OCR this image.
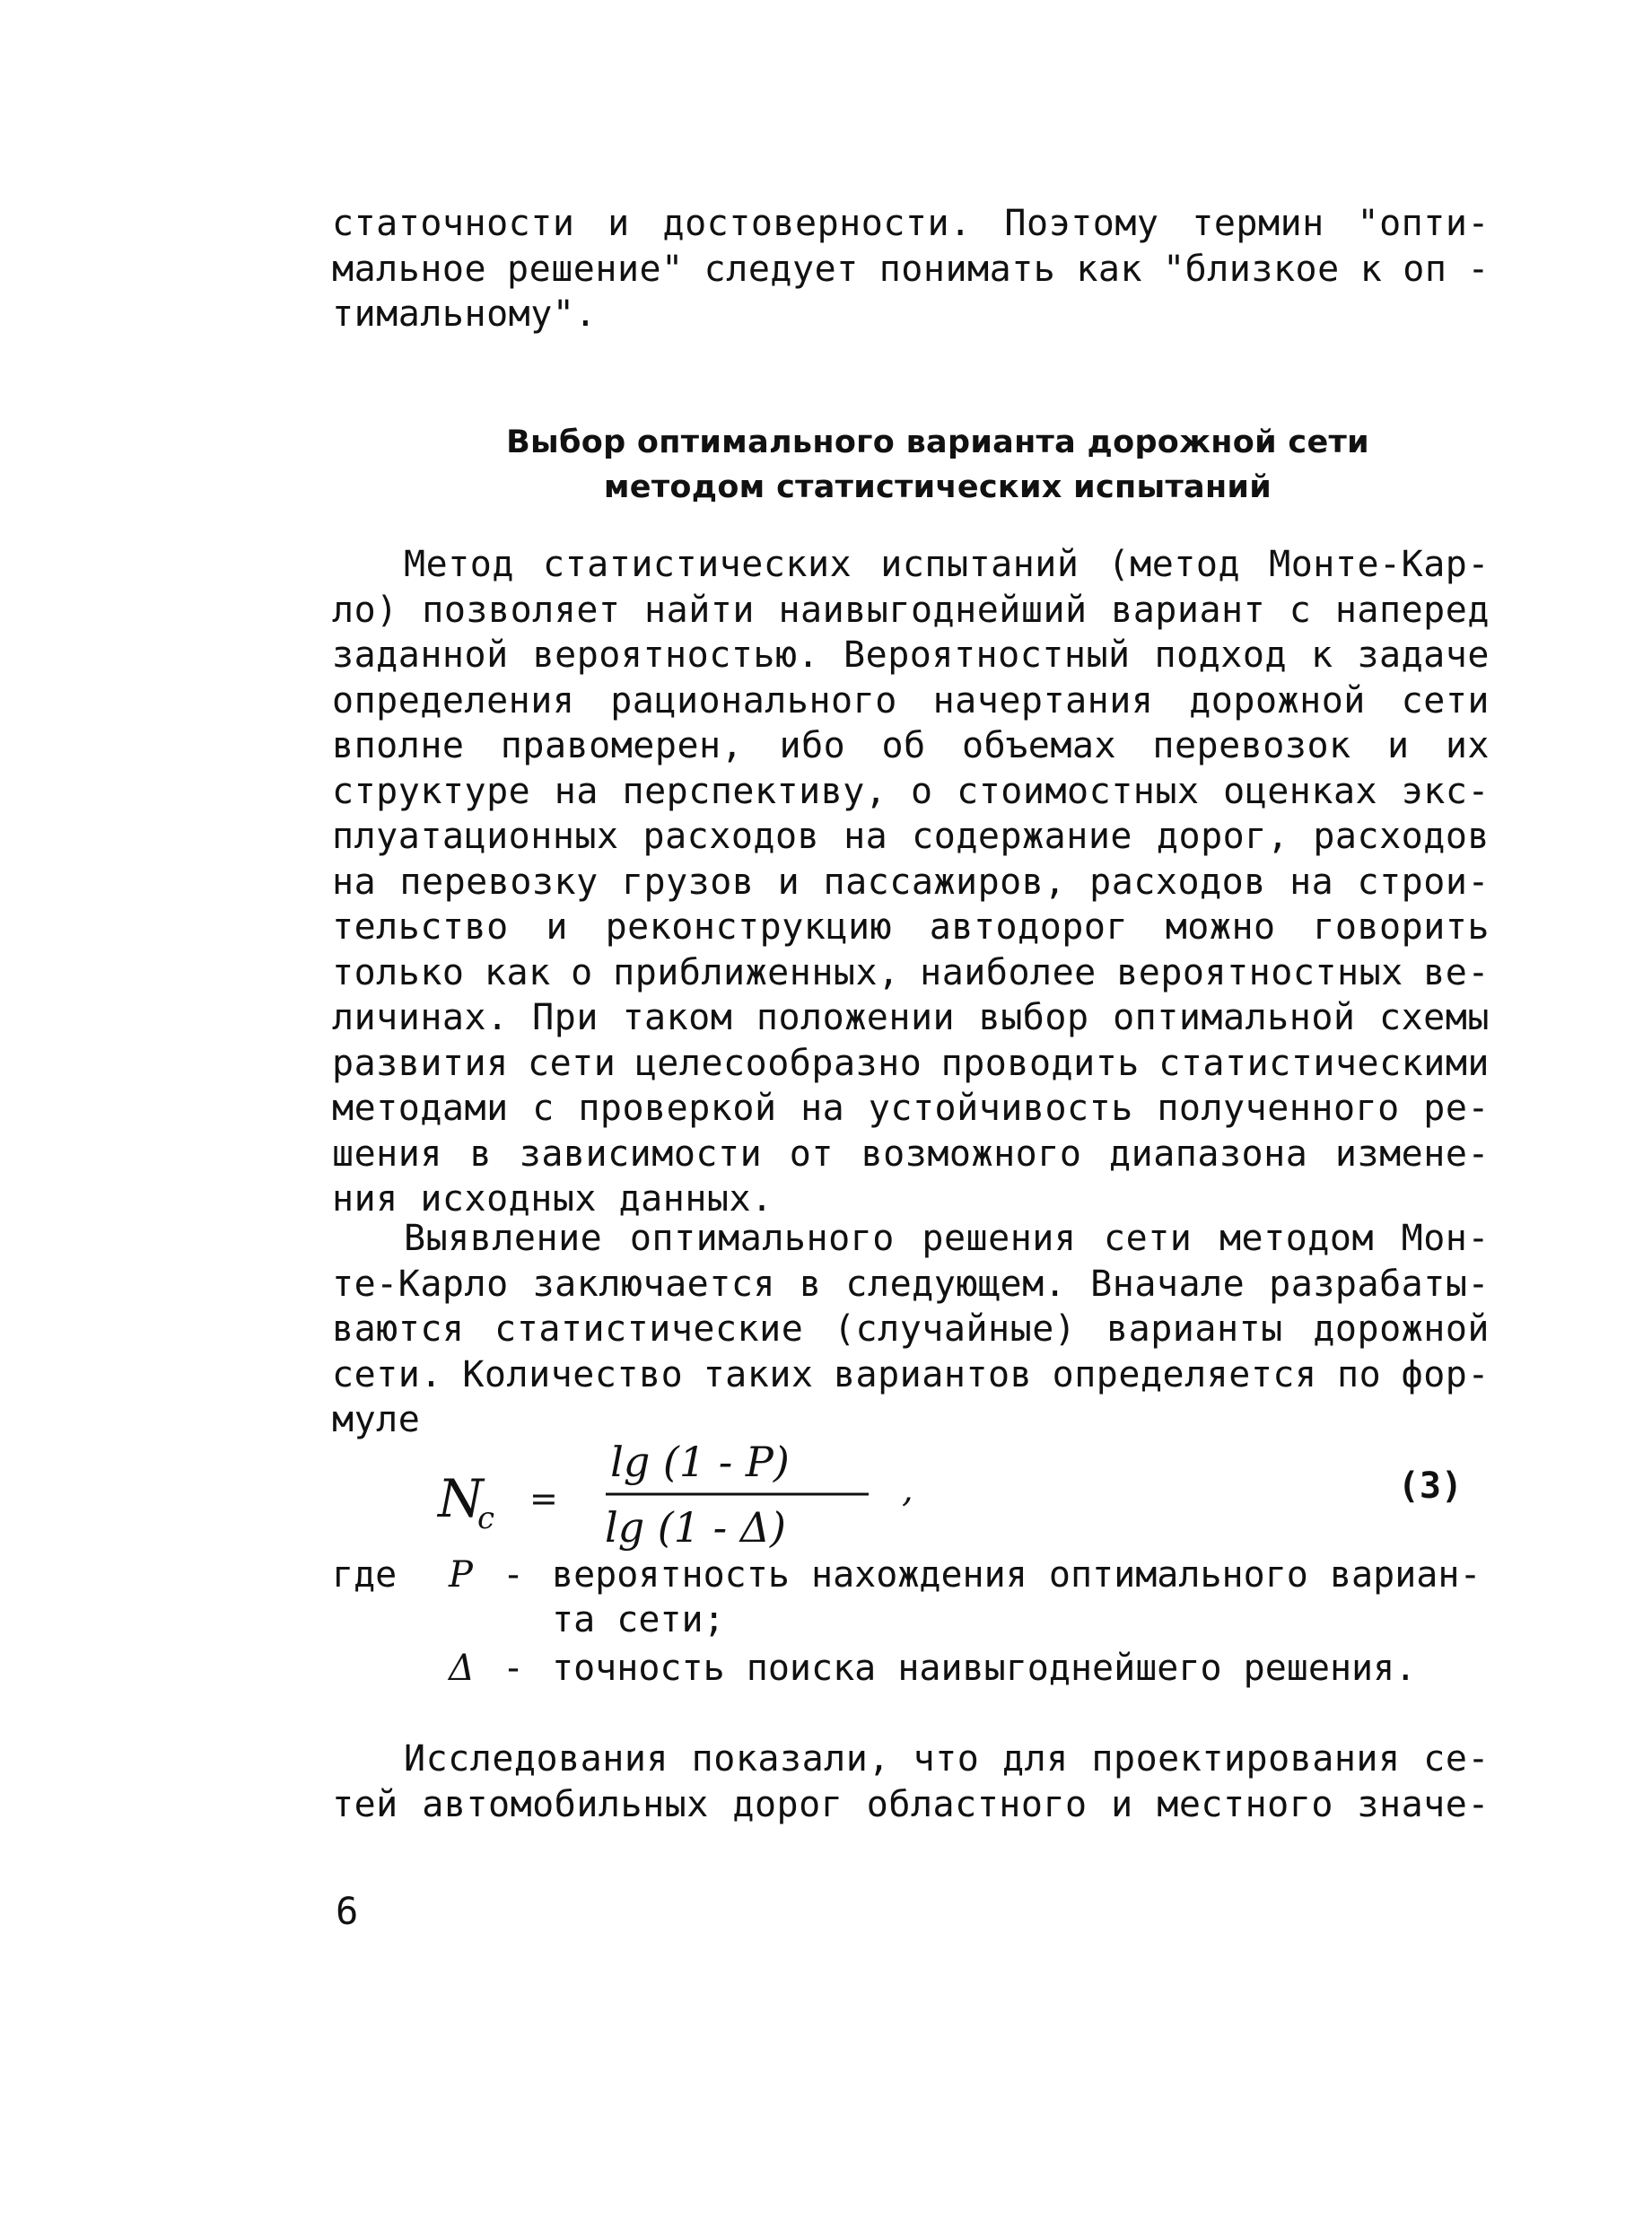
статочности и достоверности. Поэтому термин "опти-
мальное решение" следует понимать как "близкое к оп -
тимальному".
Выбор оптимального варианта дорожной сети
методом статистических испытаний
Метод статистических испытаний (метод Монте-Кар-
ло) позволяет найти наивыгоднейший вариант с наперед
заданной вероятностью. Вероятностный подход к задаче
определения рационального начертания дорожной сети
вполне правомерен, ибо об объемах перевозок и их
структуре на перспективу, о стоимостных оценках экс-
плуатационных расходов на содержание дорог, расходов
на перевозку грузов и пассажиров, расходов на строи-
тельство и реконструкцию автодорог можно говорить
только как о приближенных, наиболее вероятностных ве-
личинах. При таком положении выбор оптимальной схемы
развития сети целесообразно проводить статистическими
методами с проверкой на устойчивость полученного ре-
шения в зависимости от возможного диапазона измене-
ния исходных данных.
Выявление оптимального решения сети методом Мон-
те-Карло заключается в следующем. Вначале разрабаты-
ваются статистические (случайные) варианты дорожной
сети. Количество таких вариантов определяется по фор-
муле
N
c =
lg (1 - P)
lg (1 - Δ)
,	(3)
где P - вероятность нахождения оптимального вариан-
та сети;
Δ - точность поиска наивыгоднейшего решения.
Исследования показали, что для проектирования се-
тей автомобильных дорог областного и местного значе-
6
